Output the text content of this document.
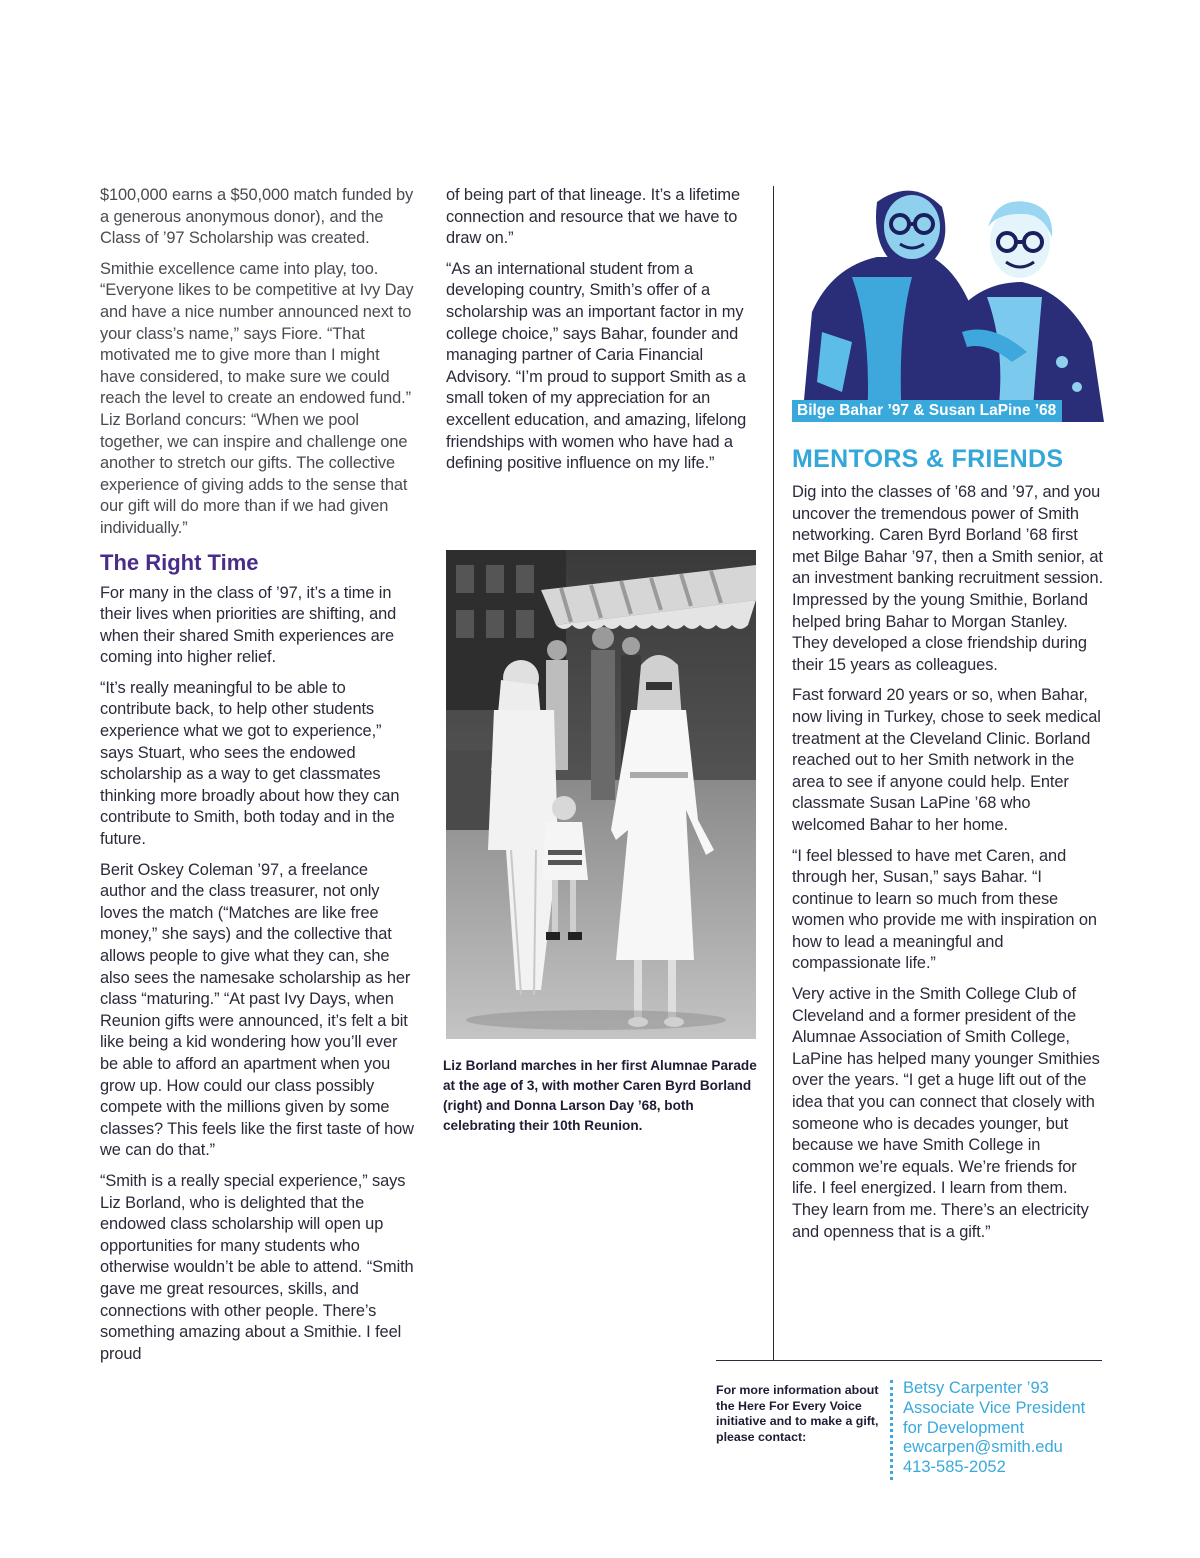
$100,000 earns a $50,000 match funded by a generous anonymous donor), and the Class of ’97 Scholarship was created.

Smithie excellence came into play, too. “Everyone likes to be competitive at Ivy Day and have a nice number announced next to your class’s name,” says Fiore. “That motivated me to give more than I might have considered, to make sure we could reach the level to create an endowed fund.” Liz Borland concurs: “When we pool together, we can inspire and challenge one another to stretch our gifts. The collective experience of giving adds to the sense that our gift will do more than if we had given individually.”

The Right Time

For many in the class of ’97, it’s a time in their lives when priorities are shifting, and when their shared Smith experiences are coming into higher relief.

“It’s really meaningful to be able to contribute back, to help other students experience what we got to experience,” says Stuart, who sees the endowed scholarship as a way to get classmates thinking more broadly about how they can contribute to Smith, both today and in the future.

Berit Oskey Coleman ’97, a freelance author and the class treasurer, not only loves the match (“Matches are like free money,” she says) and the collective that allows people to give what they can, she also sees the namesake scholarship as her class “maturing.” “At past Ivy Days, when Reunion gifts were announced, it’s felt a bit like being a kid wondering how you’ll ever be able to afford an apartment when you grow up. How could our class possibly compete with the millions given by some classes? This feels like the first taste of how we can do that.”

“Smith is a really special experience,” says Liz Borland, who is delighted that the endowed class scholarship will open up opportunities for many students who otherwise wouldn’t be able to attend. “Smith gave me great resources, skills, and connections with other people. There’s something amazing about a Smithie. I feel proud

of being part of that lineage. It’s a lifetime connection and resource that we have to draw on.”

“As an international student from a developing country, Smith’s offer of a scholarship was an important factor in my college choice,” says Bahar, founder and managing partner of Caria Financial Advisory. “I’m proud to support Smith as a small token of my appreciation for an excellent education, and amazing, lifelong friendships with women who have had a defining positive influence on my life.”

Liz Borland marches in her first Alumnae Parade at the age of 3, with mother Caren Byrd Borland (right) and Donna Larson Day ’68, both celebrating their 10th Reunion.
Bilge Bahar ’97 & Susan LaPine ’68
MENTORS & FRIENDS

Dig into the classes of ’68 and ’97, and you uncover the tremendous power of Smith networking. Caren Byrd Borland ’68 first met Bilge Bahar ’97, then a Smith senior, at an investment banking recruitment session. Impressed by the young Smithie, Borland helped bring Bahar to Morgan Stanley. They developed a close friendship during their 15 years as colleagues.

Fast forward 20 years or so, when Bahar, now living in Turkey, chose to seek medical treatment at the Cleveland Clinic. Borland reached out to her Smith network in the area to see if anyone could help. Enter classmate Susan LaPine ’68 who welcomed Bahar to her home.

“I feel blessed to have met Caren, and through her, Susan,” says Bahar. “I continue to learn so much from these women who provide me with inspiration on how to lead a meaningful and compassionate life.”

Very active in the Smith College Club of Cleveland and a former president of the Alumnae Association of Smith College, LaPine has helped many younger Smithies over the years. “I get a huge lift out of the idea that you can connect that closely with someone who is decades younger, but because we have Smith College in common we’re equals. We’re friends for life. I feel energized. I learn from them. They learn from me. There’s an electricity and openness that is a gift.”

For more information about the Here For Every Voice initiative and to make a gift, please contact:
Betsy Carpenter ’93
Associate Vice President
for Development
ewcarpen@smith.edu
413-585-2052
